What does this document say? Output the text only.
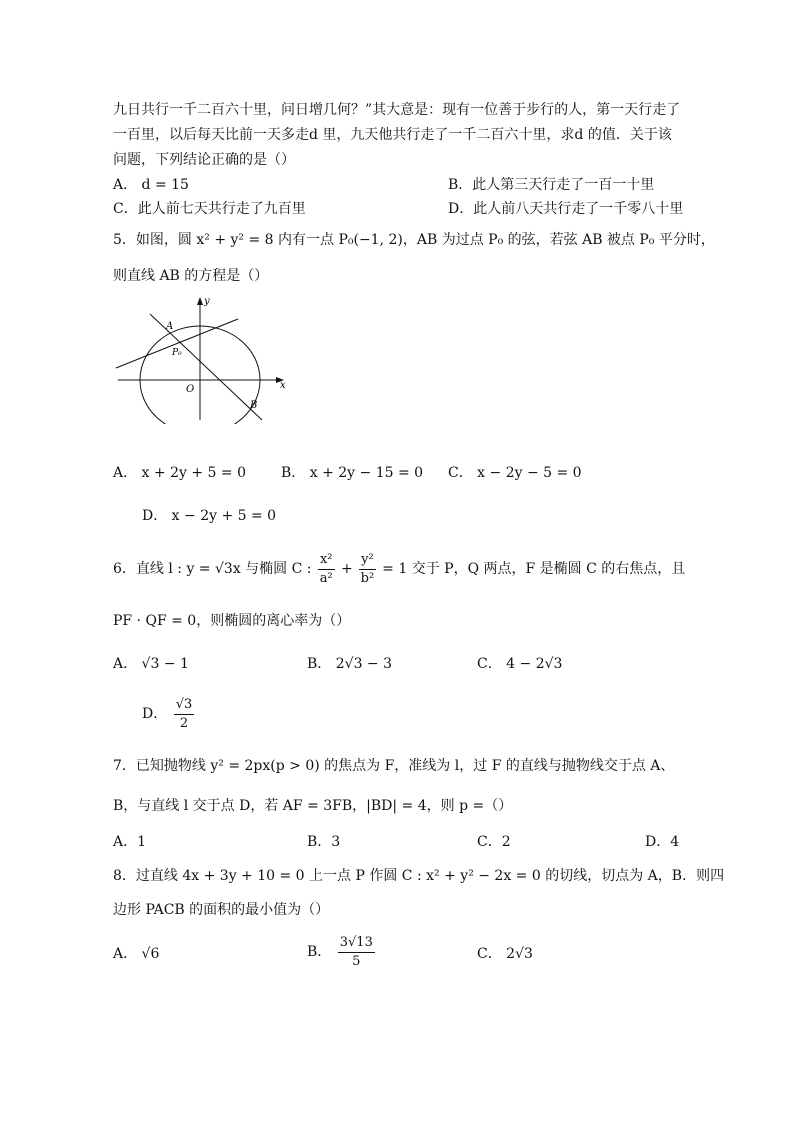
九日共行一千二百六十里，问日增几何？”其大意是：现有一位善于步行的人，第一天行走了
一百里，以后每天比前一天多走d 里，九天他共行走了一千二百六十里，求d 的值．关于该
问题，下列结论正确的是（）
A． d = 15	B．此人第三天行走了一百一十里
C．此人前七天共行走了九百里	D．此人前八天共行走了一千零八十里
5．如图，圆 x² + y² = 8 内有一点 P₀(−1, 2)，AB 为过点 P₀ 的弦，若弦 AB 被点 P₀ 平分时，
则直线 AB 的方程是（）
y
x
O
A
B
P₀
A． x + 2y + 5 = 0	B． x + 2y − 15 = 0 C． x − 2y − 5 = 0
D． x − 2y + 5 = 0
6．直线 l : y = √3x 与椭圆 C : $\frac{\text{x²}}{\text{a²}} + \frac{\text{y²}}{\text{b²}} = 1$ 交于 P，Q 两点，F 是椭圆 C 的右焦点，且
PF · QF = 0，则椭圆的离心率为（）
A． √3 − 1	B． 2√3 − 3	C． 4 − 2√3
D． $\frac{√3}{2}$
7．已知抛物线 y² = 2px(p > 0) 的焦点为 F，准线为 l，过 F 的直线与抛物线交于点 A、
B，与直线 l 交于点 D，若 AF = 3FB，|BD| = 4，则 p =（）
A．1	B．3	C．2	D．4
8．过直线 4x + 3y + 10 = 0 上一点 P 作圆 C : x² + y² − 2x = 0 的切线，切点为 A，B．则四
边形 PACB 的面积的最小值为（）
A． √6	B． $\frac{3√13}{5}$	C． 2√3
